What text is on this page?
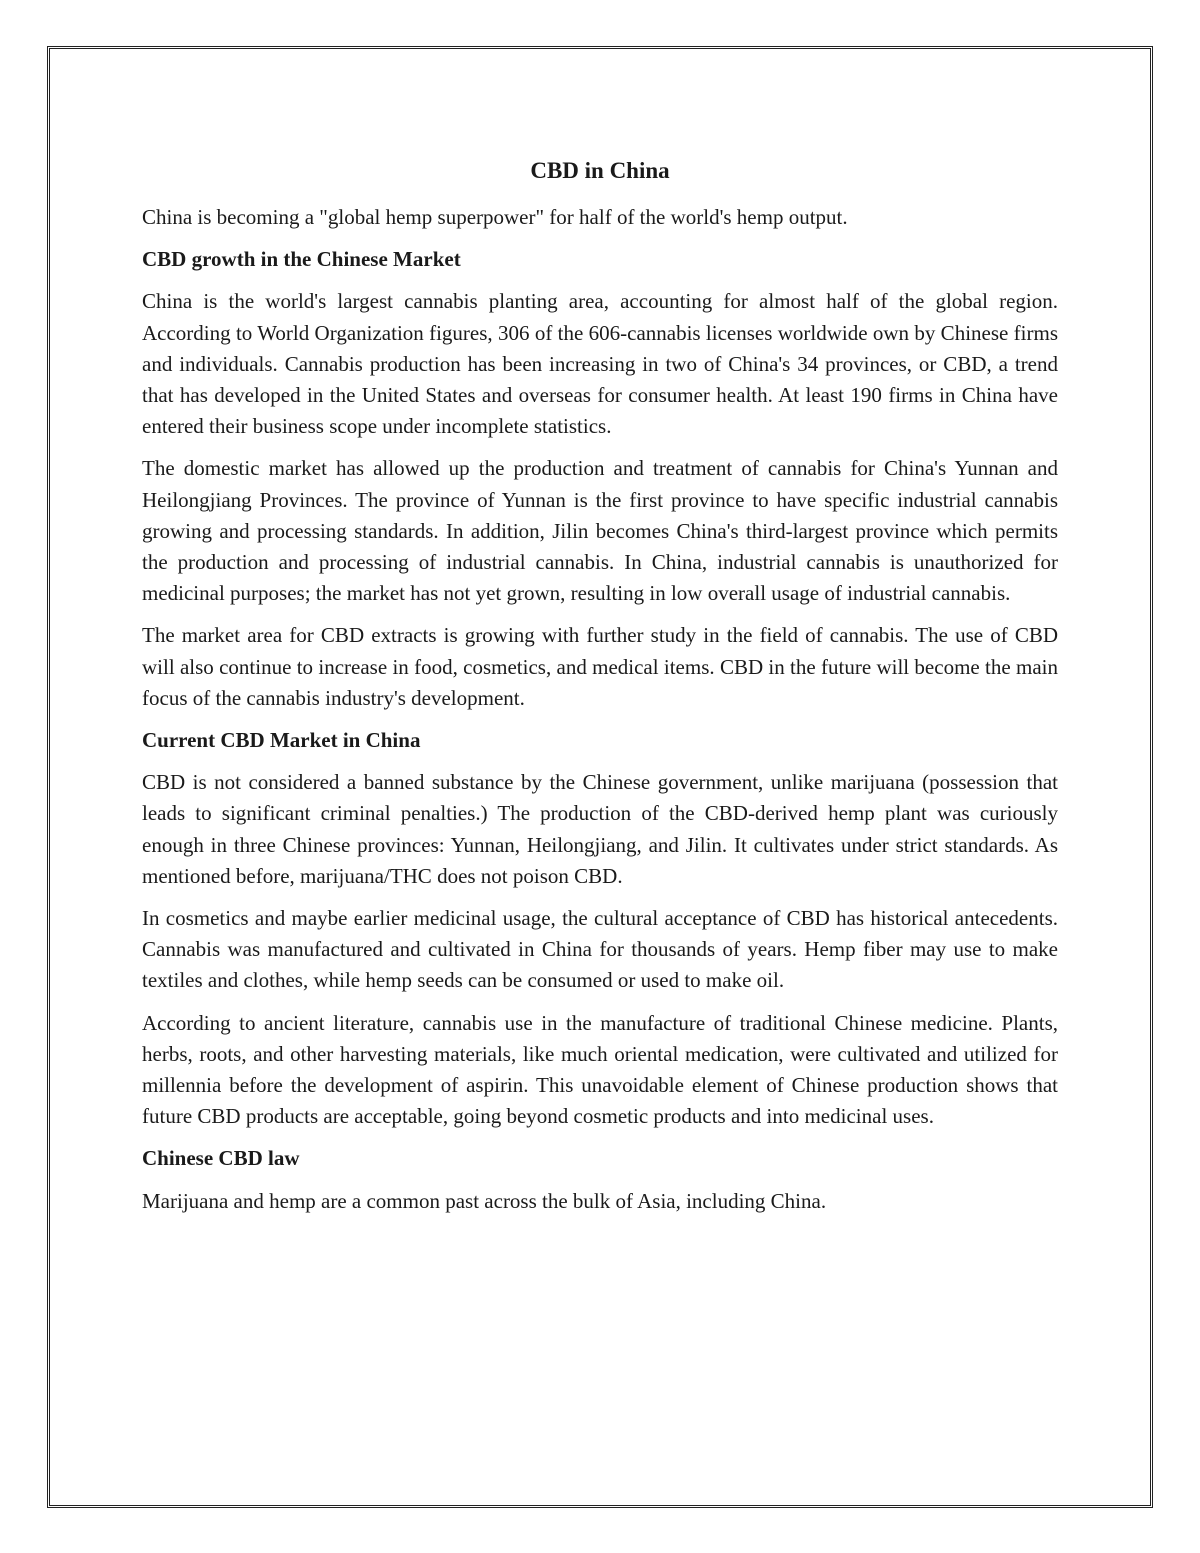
CBD in China

China is becoming a "global hemp superpower" for half of the world's hemp output.

CBD growth in the Chinese Market

China is the world's largest cannabis planting area, accounting for almost half of the global region. According to World Organization figures, 306 of the 606-cannabis licenses worldwide own by Chinese firms and individuals. Cannabis production has been increasing in two of China's 34 provinces, or CBD, a trend that has developed in the United States and overseas for consumer health. At least 190 firms in China have entered their business scope under incomplete statistics.

The domestic market has allowed up the production and treatment of cannabis for China's Yunnan and Heilongjiang Provinces. The province of Yunnan is the first province to have specific industrial cannabis growing and processing standards. In addition, Jilin becomes China's third-largest province which permits the production and processing of industrial cannabis. In China, industrial cannabis is unauthorized for medicinal purposes; the market has not yet grown, resulting in low overall usage of industrial cannabis.

The market area for CBD extracts is growing with further study in the field of cannabis. The use of CBD will also continue to increase in food, cosmetics, and medical items. CBD in the future will become the main focus of the cannabis industry's development.

Current CBD Market in China

CBD is not considered a banned substance by the Chinese government, unlike marijuana (possession that leads to significant criminal penalties.) The production of the CBD-derived hemp plant was curiously enough in three Chinese provinces: Yunnan, Heilongjiang, and Jilin. It cultivates under strict standards. As mentioned before, marijuana/THC does not poison CBD.

In cosmetics and maybe earlier medicinal usage, the cultural acceptance of CBD has historical antecedents. Cannabis was manufactured and cultivated in China for thousands of years. Hemp fiber may use to make textiles and clothes, while hemp seeds can be consumed or used to make oil.

According to ancient literature, cannabis use in the manufacture of traditional Chinese medicine. Plants, herbs, roots, and other harvesting materials, like much oriental medication, were cultivated and utilized for millennia before the development of aspirin. This unavoidable element of Chinese production shows that future CBD products are acceptable, going beyond cosmetic products and into medicinal uses.

Chinese CBD law

Marijuana and hemp are a common past across the bulk of Asia, including China.
